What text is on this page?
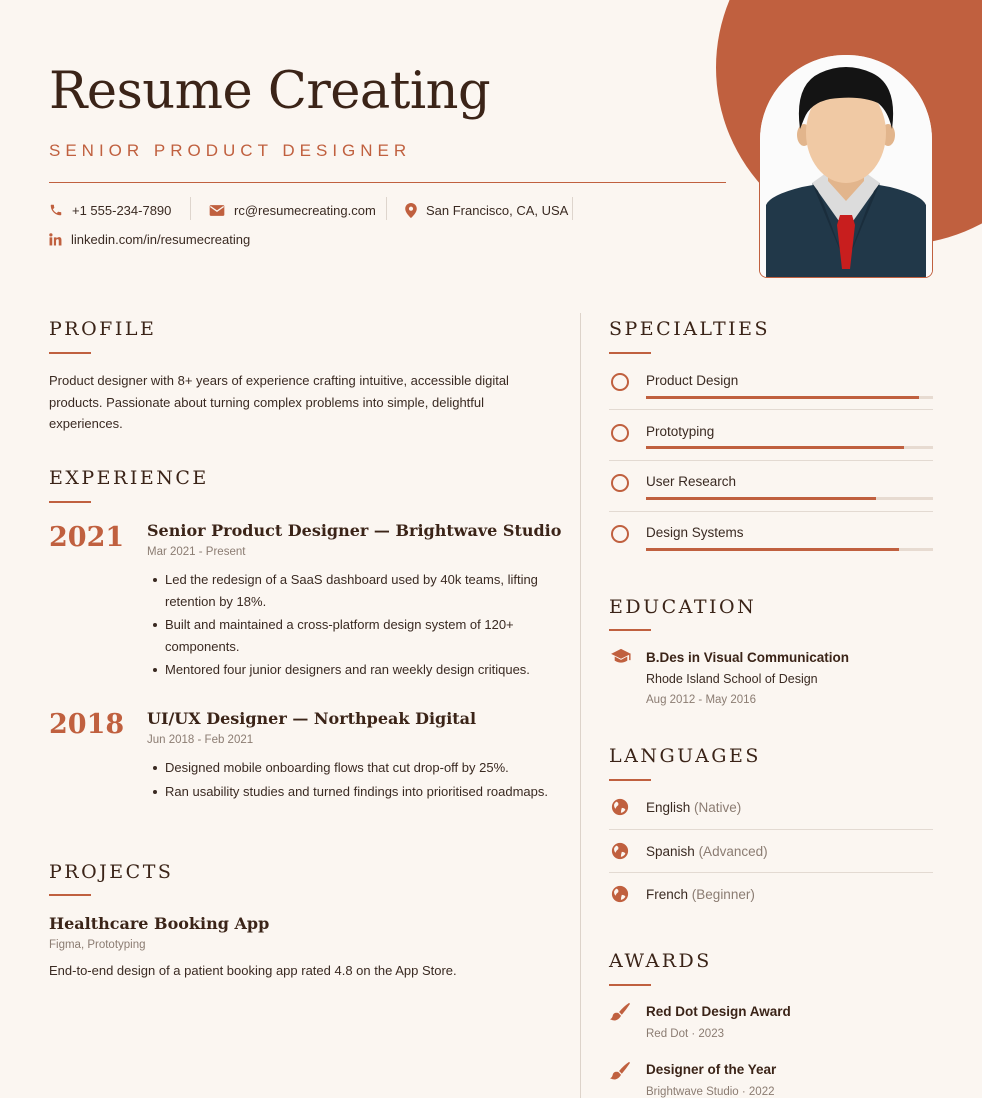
Resume Creating
SENIOR PRODUCT DESIGNER
+1 555-234-7890	rc@resumecreating.com	San Francisco, CA, USA
linkedin.com/in/resumecreating
PROFILE
Product designer with 8+ years of experience crafting intuitive, accessible digital
products. Passionate about turning complex problems into simple, delightful
experiences.
EXPERIENCE
2021 Senior Product Designer — Brightwave Studio
Mar 2021 - Present
Led the redesign of a SaaS dashboard used by 40k teams, lifting retention by 18%.
Built and maintained a cross-platform design system of 120+ components.
Mentored four junior designers and ran weekly design critiques.
2018 UI/UX Designer — Northpeak Digital
Jun 2018 - Feb 2021
Designed mobile onboarding flows that cut drop-off by 25%.
Ran usability studies and turned findings into prioritised roadmaps.
PROJECTS
Healthcare Booking App
Figma, Prototyping
End-to-end design of a patient booking app rated 4.8 on the App Store.
SPECIALTIES
Product Design
Prototyping
User Research
Design Systems
EDUCATION
B.Des in Visual Communication
Rhode Island School of Design
Aug 2012 - May 2016
LANGUAGES
English (Native)
Spanish (Advanced)
French (Beginner)
AWARDS
Red Dot Design Award
Red Dot · 2023
Designer of the Year
Brightwave Studio · 2022
